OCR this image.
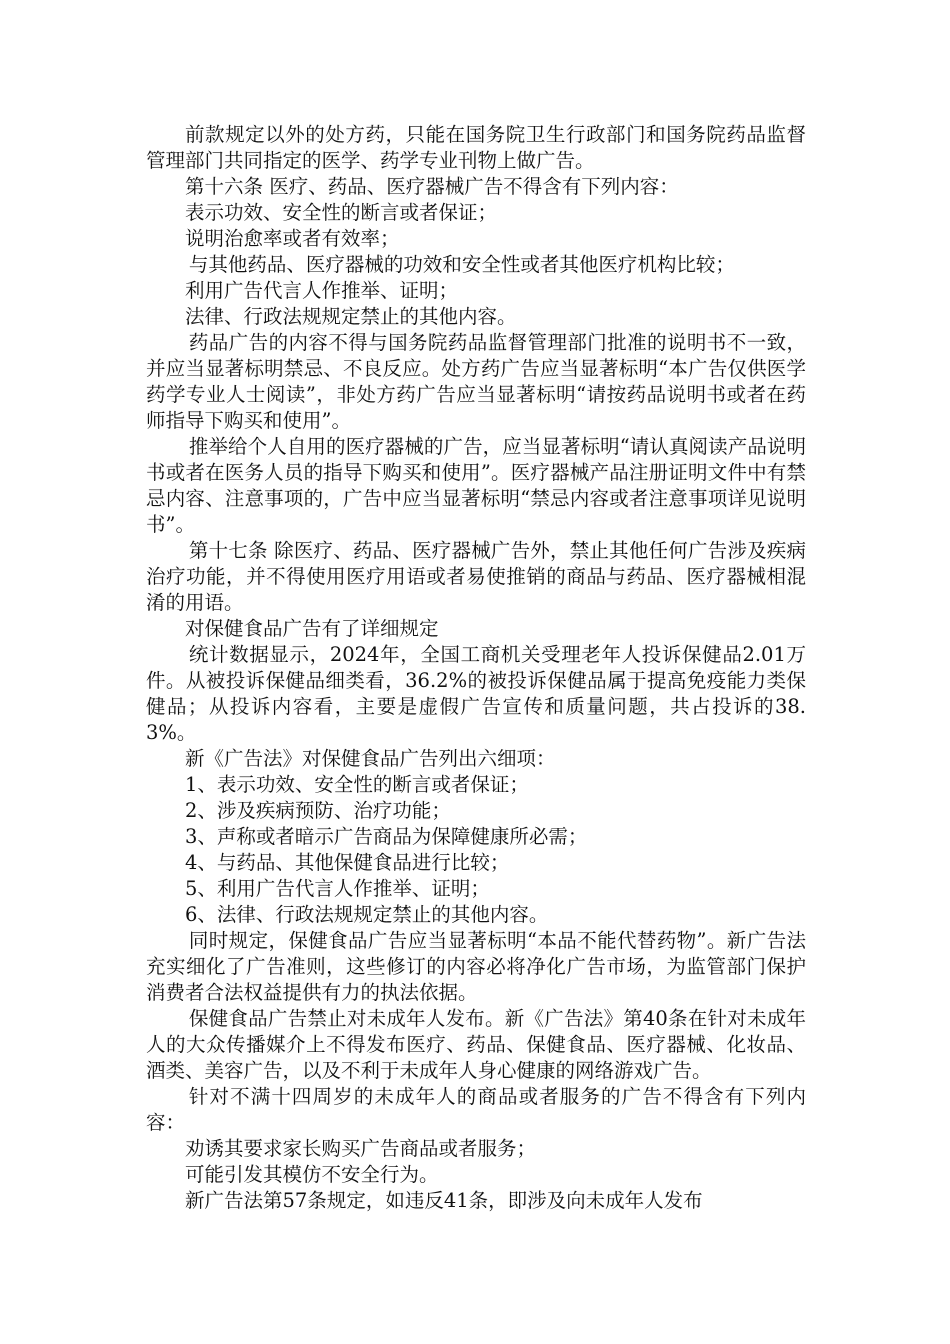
前款规定以外的处方药，只能在国务院卫生行政部门和国务院药品监督管理部门共同指定的医学、药学专业刊物上做广告。

第十六条 医疗、药品、医疗器械广告不得含有下列内容：

表示功效、安全性的断言或者保证；

说明治愈率或者有效率；

与其他药品、医疗器械的功效和安全性或者其他医疗机构比较；

利用广告代言人作推举、证明；

法律、行政法规规定禁止的其他内容。

药品广告的内容不得与国务院药品监督管理部门批准的说明书不一致，并应当显著标明禁忌、不良反应。处方药广告应当显著标明“本广告仅供医学药学专业人士阅读”，非处方药广告应当显著标明“请按药品说明书或者在药师指导下购买和使用”。

推举给个人自用的医疗器械的广告，应当显著标明“请认真阅读产品说明书或者在医务人员的指导下购买和使用”。医疗器械产品注册证明文件中有禁忌内容、注意事项的，广告中应当显著标明“禁忌内容或者注意事项详见说明书”。

第十七条 除医疗、药品、医疗器械广告外，禁止其他任何广告涉及疾病治疗功能，并不得使用医疗用语或者易使推销的商品与药品、医疗器械相混淆的用语。

对保健食品广告有了详细规定

统计数据显示，2024年，全国工商机关受理老年人投诉保健品2.01万件。从被投诉保健品细类看，36.2%的被投诉保健品属于提高免疫能力类保健品；从投诉内容看，主要是虚假广告宣传和质量问题，共占投诉的38.3%。

新《广告法》对保健食品广告列出六细项：

1、表示功效、安全性的断言或者保证；

2、涉及疾病预防、治疗功能；

3、声称或者暗示广告商品为保障健康所必需；

4、与药品、其他保健食品进行比较；

5、利用广告代言人作推举、证明；

6、法律、行政法规规定禁止的其他内容。

同时规定，保健食品广告应当显著标明“本品不能代替药物”。新广告法充实细化了广告准则，这些修订的内容必将净化广告市场，为监管部门保护消费者合法权益提供有力的执法依据。

保健食品广告禁止对未成年人发布。新《广告法》第40条在针对未成年人的大众传播媒介上不得发布医疗、药品、保健食品、医疗器械、化妆品、酒类、美容广告，以及不利于未成年人身心健康的网络游戏广告。

针对不满十四周岁的未成年人的商品或者服务的广告不得含有下列内容：

劝诱其要求家长购买广告商品或者服务；

可能引发其模仿不安全行为。

新广告法第57条规定，如违反41条，即涉及向未成年人发布
